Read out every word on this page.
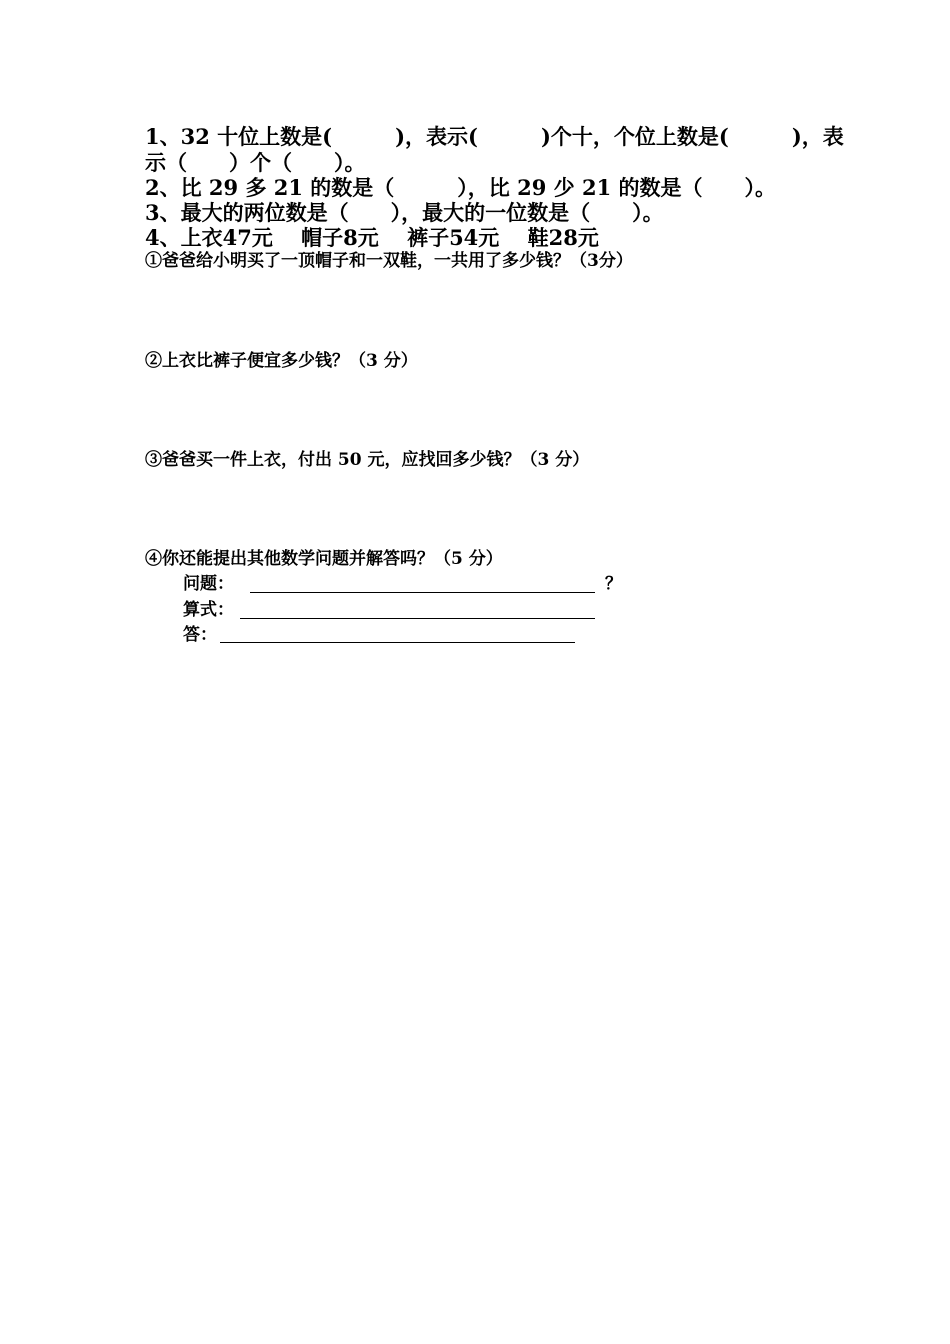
1、32 十位上数是(　　　)，表示(　　　)个十，个位上数是(　　　)，表
示（　　）个（　　）。
2、比 29 多 21 的数是（　　　），比 29 少 21 的数是（　　）。
3、最大的两位数是（　　），最大的一位数是（　　）。
4、上衣47元　 帽子8元　 裤子54元　 鞋28元
①爸爸给小明买了一顶帽子和一双鞋，一共用了多少钱？（3分）
②上衣比裤子便宜多少钱？（3 分）
③爸爸买一件上衣，付出 50 元，应找回多少钱？（3 分）
④你还能提出其他数学问题并解答吗？（5 分）
问题：	？
算式：
答：
